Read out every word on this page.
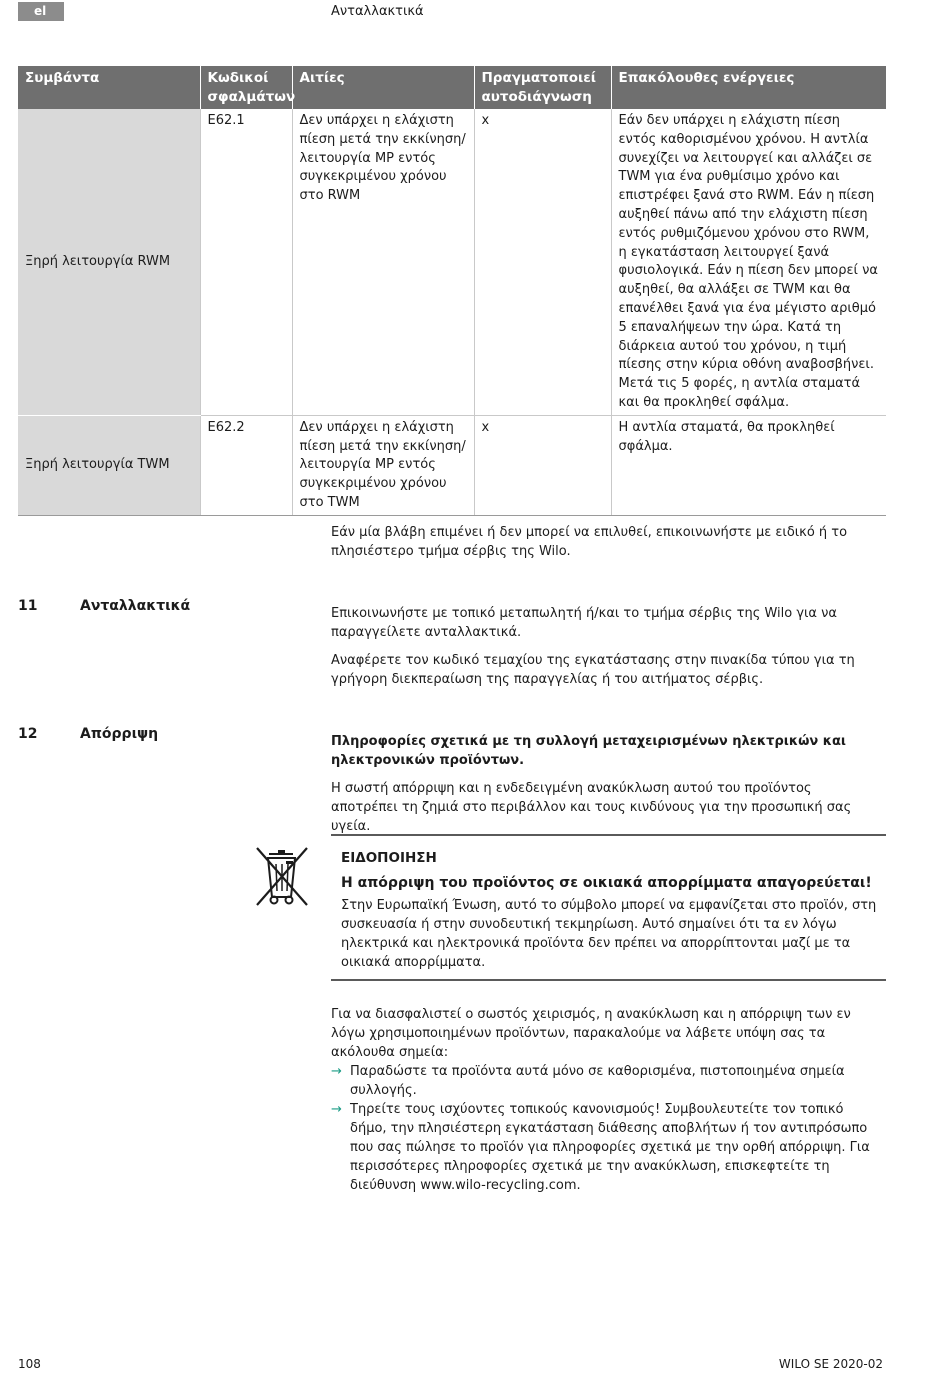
el	Ανταλλακτικά
Συμβάντα	Κωδικοί σφαλμάτων	Αιτίες	Πραγματοποιεί αυτοδιάγνωση	Επακόλουθες ενέργειες
Ξηρή λειτουργία RWM	E62.1	Δεν υπάρχει η ελάχιστη πίεση μετά την εκκίνηση/λειτουργία MP εντός συγκεκριμένου χρόνου στο RWM	x	Εάν δεν υπάρχει η ελάχιστη πίεση εντός καθορισμένου χρόνου. Η αντλία συνεχίζει να λειτουργεί και αλλάζει σε TWM για ένα ρυθμίσιμο χρόνο και επιστρέφει ξανά στο RWM. Εάν η πίεση αυξηθεί πάνω από την ελάχιστη πίεση εντός ρυθμιζόμενου χρόνου στο RWM, η εγκατάσταση λειτουργεί ξανά φυσιολογικά. Εάν η πίεση δεν μπορεί να αυξηθεί, θα αλλάξει σε TWM και θα επανέλθει ξανά για ένα μέγιστο αριθμό 5 επαναλήψεων την ώρα. Κατά τη διάρκεια αυτού του χρόνου, η τιμή πίεσης στην κύρια οθόνη αναβοσβήνει. Μετά τις 5 φορές, η αντλία σταματά και θα προκληθεί σφάλμα.
Ξηρή λειτουργία TWM	E62.2	Δεν υπάρχει η ελάχιστη πίεση μετά την εκκίνηση/λειτουργία MP εντός συγκεκριμένου χρόνου στο TWM	x	Η αντλία σταματά, θα προκληθεί σφάλμα.
Εάν μία βλάβη επιμένει ή δεν μπορεί να επιλυθεί, επικοινωνήστε με ειδικό ή το πλησιέστερο τμήμα σέρβις της Wilo.
11	Ανταλλακτικά	Επικοινωνήστε με τοπικό μεταπωλητή ή/και το τμήμα σέρβις της Wilo για να παραγγείλετε ανταλλακτικά.
Αναφέρετε τον κωδικό τεμαχίου της εγκατάστασης στην πινακίδα τύπου για τη γρήγορη διεκπεραίωση της παραγγελίας ή του αιτήματος σέρβις.
12	Απόρριψη	Πληροφορίες σχετικά με τη συλλογή μεταχειρισμένων ηλεκτρικών και ηλεκτρονικών προϊόντων.
Η σωστή απόρριψη και η ενδεδειγμένη ανακύκλωση αυτού του προϊόντος αποτρέπει τη ζημιά στο περιβάλλον και τους κινδύνους για την προσωπική σας υγεία.
ΕΙΔΟΠΟΙΗΣΗ
Η απόρριψη του προϊόντος σε οικιακά απορρίμματα απαγορεύεται!
Στην Ευρωπαϊκή Ένωση, αυτό το σύμβολο μπορεί να εμφανίζεται στο προϊόν, στη συσκευασία ή στην συνοδευτική τεκμηρίωση. Αυτό σημαίνει ότι τα εν λόγω ηλεκτρικά και ηλεκτρονικά προϊόντα δεν πρέπει να απορρίπτονται μαζί με τα οικιακά απορρίμματα.
Για να διασφαλιστεί ο σωστός χειρισμός, η ανακύκλωση και η απόρριψη των εν λόγω χρησιμοποιημένων προϊόντων, παρακαλούμε να λάβετε υπόψη σας τα ακόλουθα σημεία:
→ Παραδώστε τα προϊόντα αυτά μόνο σε καθορισμένα, πιστοποιημένα σημεία συλλογής.
→ Τηρείτε τους ισχύοντες τοπικούς κανονισμούς! Συμβουλευτείτε τον τοπικό δήμο, την πλησιέστερη εγκατάσταση διάθεσης αποβλήτων ή τον αντιπρόσωπο που σας πώλησε το προϊόν για πληροφορίες σχετικά με την ορθή απόρριψη. Για περισσότερες πληροφορίες σχετικά με την ανακύκλωση, επισκεφτείτε τη διεύθυνση www.wilo-recycling.com.
108	WILO SE 2020-02
